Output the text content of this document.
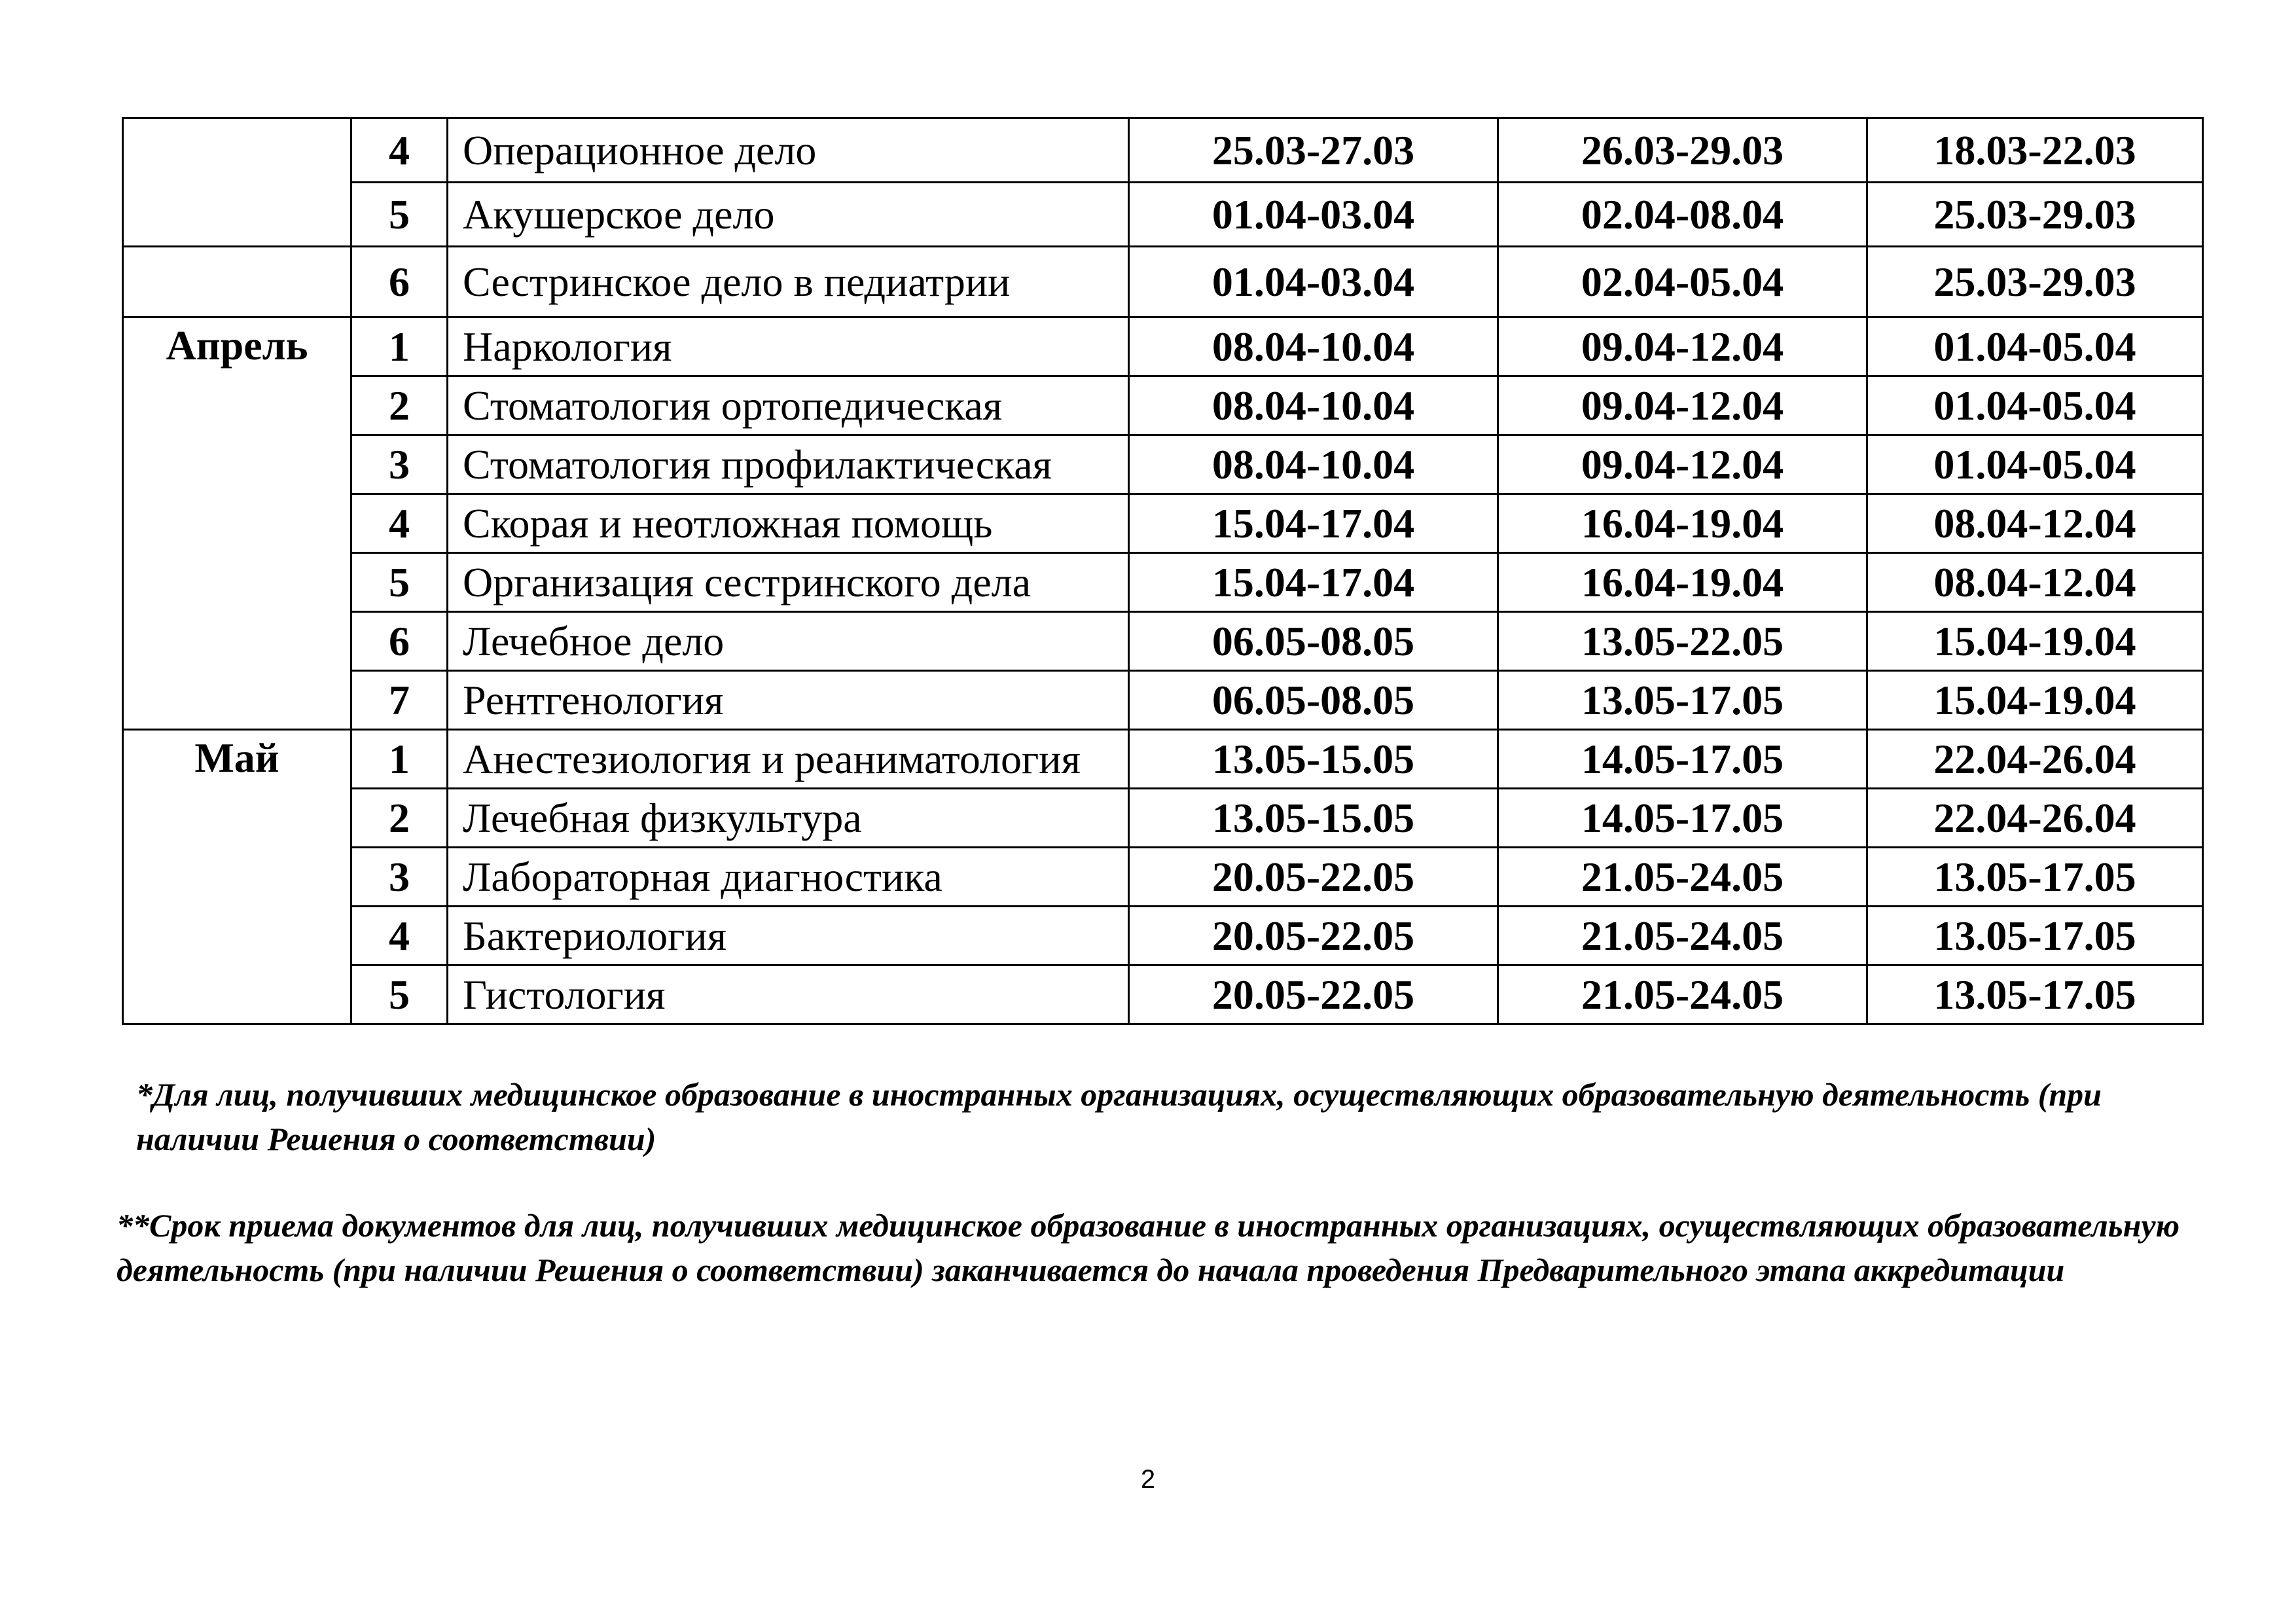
	4	Операционное дело	25.03-27.03	26.03-29.03	18.03-22.03
	5	Акушерское дело	01.04-03.04	02.04-08.04	25.03-29.03
	6	Сестринское дело в педиатрии	01.04-03.04	02.04-05.04	25.03-29.03
Апрель	1	Наркология	08.04-10.04	09.04-12.04	01.04-05.04
	2	Стоматология ортопедическая	08.04-10.04	09.04-12.04	01.04-05.04
	3	Стоматология профилактическая	08.04-10.04	09.04-12.04	01.04-05.04
	4	Скорая и неотложная помощь	15.04-17.04	16.04-19.04	08.04-12.04
	5	Организация сестринского дела	15.04-17.04	16.04-19.04	08.04-12.04
	6	Лечебное дело	06.05-08.05	13.05-22.05	15.04-19.04
	7	Рентгенология	06.05-08.05	13.05-17.05	15.04-19.04
Май	1	Анестезиология и реаниматология	13.05-15.05	14.05-17.05	22.04-26.04
	2	Лечебная физкультура	13.05-15.05	14.05-17.05	22.04-26.04
	3	Лабораторная диагностика	20.05-22.05	21.05-24.05	13.05-17.05
	4	Бактериология	20.05-22.05	21.05-24.05	13.05-17.05
	5	Гистология	20.05-22.05	21.05-24.05	13.05-17.05

*Для лиц, получивших медицинское образование в иностранных организациях, осуществляющих образовательную деятельность (при наличии Решения о соответствии)

**Срок приема документов для лиц, получивших медицинское образование в иностранных организациях, осуществляющих образовательную деятельность (при наличии Решения о соответствии) заканчивается до начала проведения Предварительного этапа аккредитации

2
